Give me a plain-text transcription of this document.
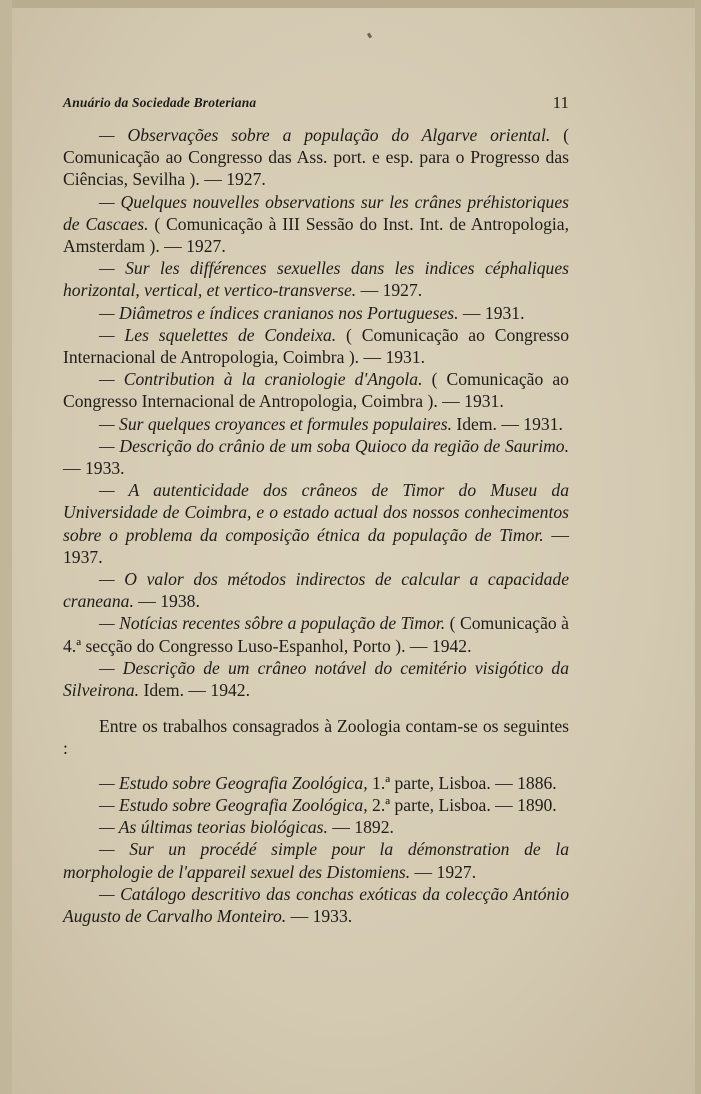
Anuário da Sociedade Broteriana	11

— Observações sobre a população do Algarve oriental. ( Comunicação ao Congresso das Ass. port. e esp. para o Progresso das Ciências, Sevilha ). — 1927.

— Quelques nouvelles observations sur les crânes préhistoriques de Cascaes. ( Comunicação à III Sessão do Inst. Int. de Antropologia, Amsterdam ). — 1927.

— Sur les différences sexuelles dans les indices céphaliques horizontal, vertical, et vertico-transverse. — 1927.

— Diâmetros e índices cranianos nos Portugueses. — 1931.

— Les squelettes de Condeixa. ( Comunicação ao Congresso Internacional de Antropologia, Coimbra ). — 1931.

— Contribution à la craniologie d'Angola. ( Comunicação ao Congresso Internacional de Antropologia, Coimbra ). — 1931.

— Sur quelques croyances et formules populaires. Idem. — 1931.

— Descrição do crânio de um soba Quioco da região de Saurimo. — 1933.

— A autenticidade dos crâneos de Timor do Museu da Universidade de Coimbra, e o estado actual dos nossos conhecimentos sobre o problema da composição étnica da população de Timor. — 1937.

— O valor dos métodos indirectos de calcular a capacidade craneana. — 1938.

— Notícias recentes sôbre a população de Timor. ( Comunicação à 4.ª secção do Congresso Luso-Espanhol, Porto ). — 1942.

— Descrição de um crâneo notável do cemitério visigótico da Silveirona. Idem. — 1942.

Entre os trabalhos consagrados à Zoologia contam-se os seguintes :

— Estudo sobre Geografia Zoológica, 1.ª parte, Lisboa. — 1886.

— Estudo sobre Geografia Zoológica, 2.ª parte, Lisboa. — 1890.

— As últimas teorias biológicas. — 1892.

— Sur un procédé simple pour la démonstration de la morphologie de l'appareil sexuel des Distomiens. — 1927.

— Catálogo descritivo das conchas exóticas da colecção António Augusto de Carvalho Monteiro. — 1933.
